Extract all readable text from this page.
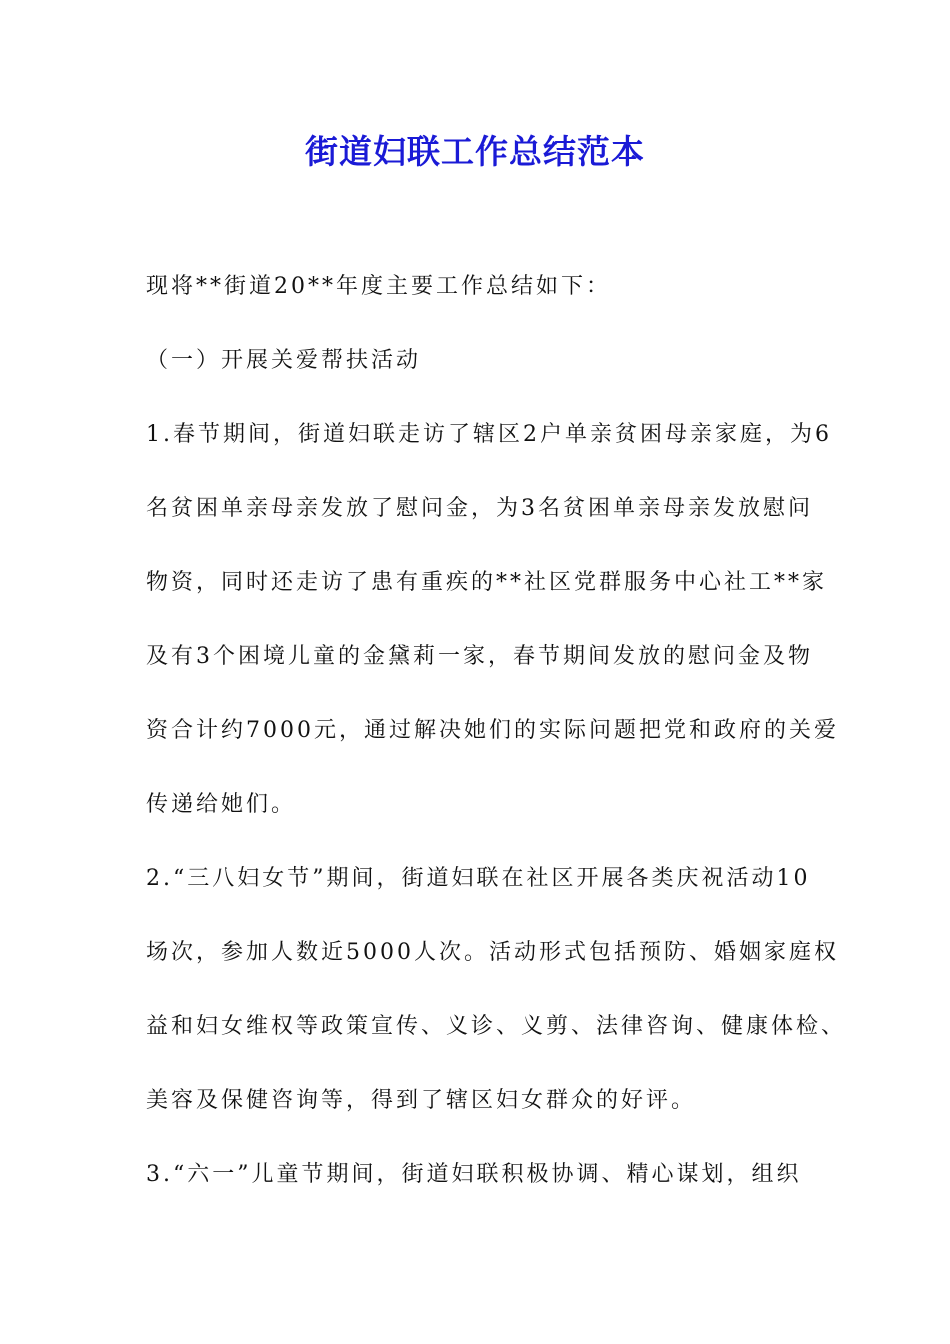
街道妇联工作总结范本

现将**街道20**年度主要工作总结如下：

（一）开展关爱帮扶活动

1.春节期间，街道妇联走访了辖区2户单亲贫困母亲家庭，为6

名贫困单亲母亲发放了慰问金，为3名贫困单亲母亲发放慰问

物资，同时还走访了患有重疾的**社区党群服务中心社工**家

及有3个困境儿童的金黛莉一家，春节期间发放的慰问金及物

资合计约7000元，通过解决她们的实际问题把党和政府的关爱

传递给她们。

2.“三八妇女节”期间，街道妇联在社区开展各类庆祝活动10

场次，参加人数近5000人次。活动形式包括预防、婚姻家庭权

益和妇女维权等政策宣传、义诊、义剪、法律咨询、健康体检、

美容及保健咨询等，得到了辖区妇女群众的好评。

3.“六一”儿童节期间，街道妇联积极协调、精心谋划，组织
